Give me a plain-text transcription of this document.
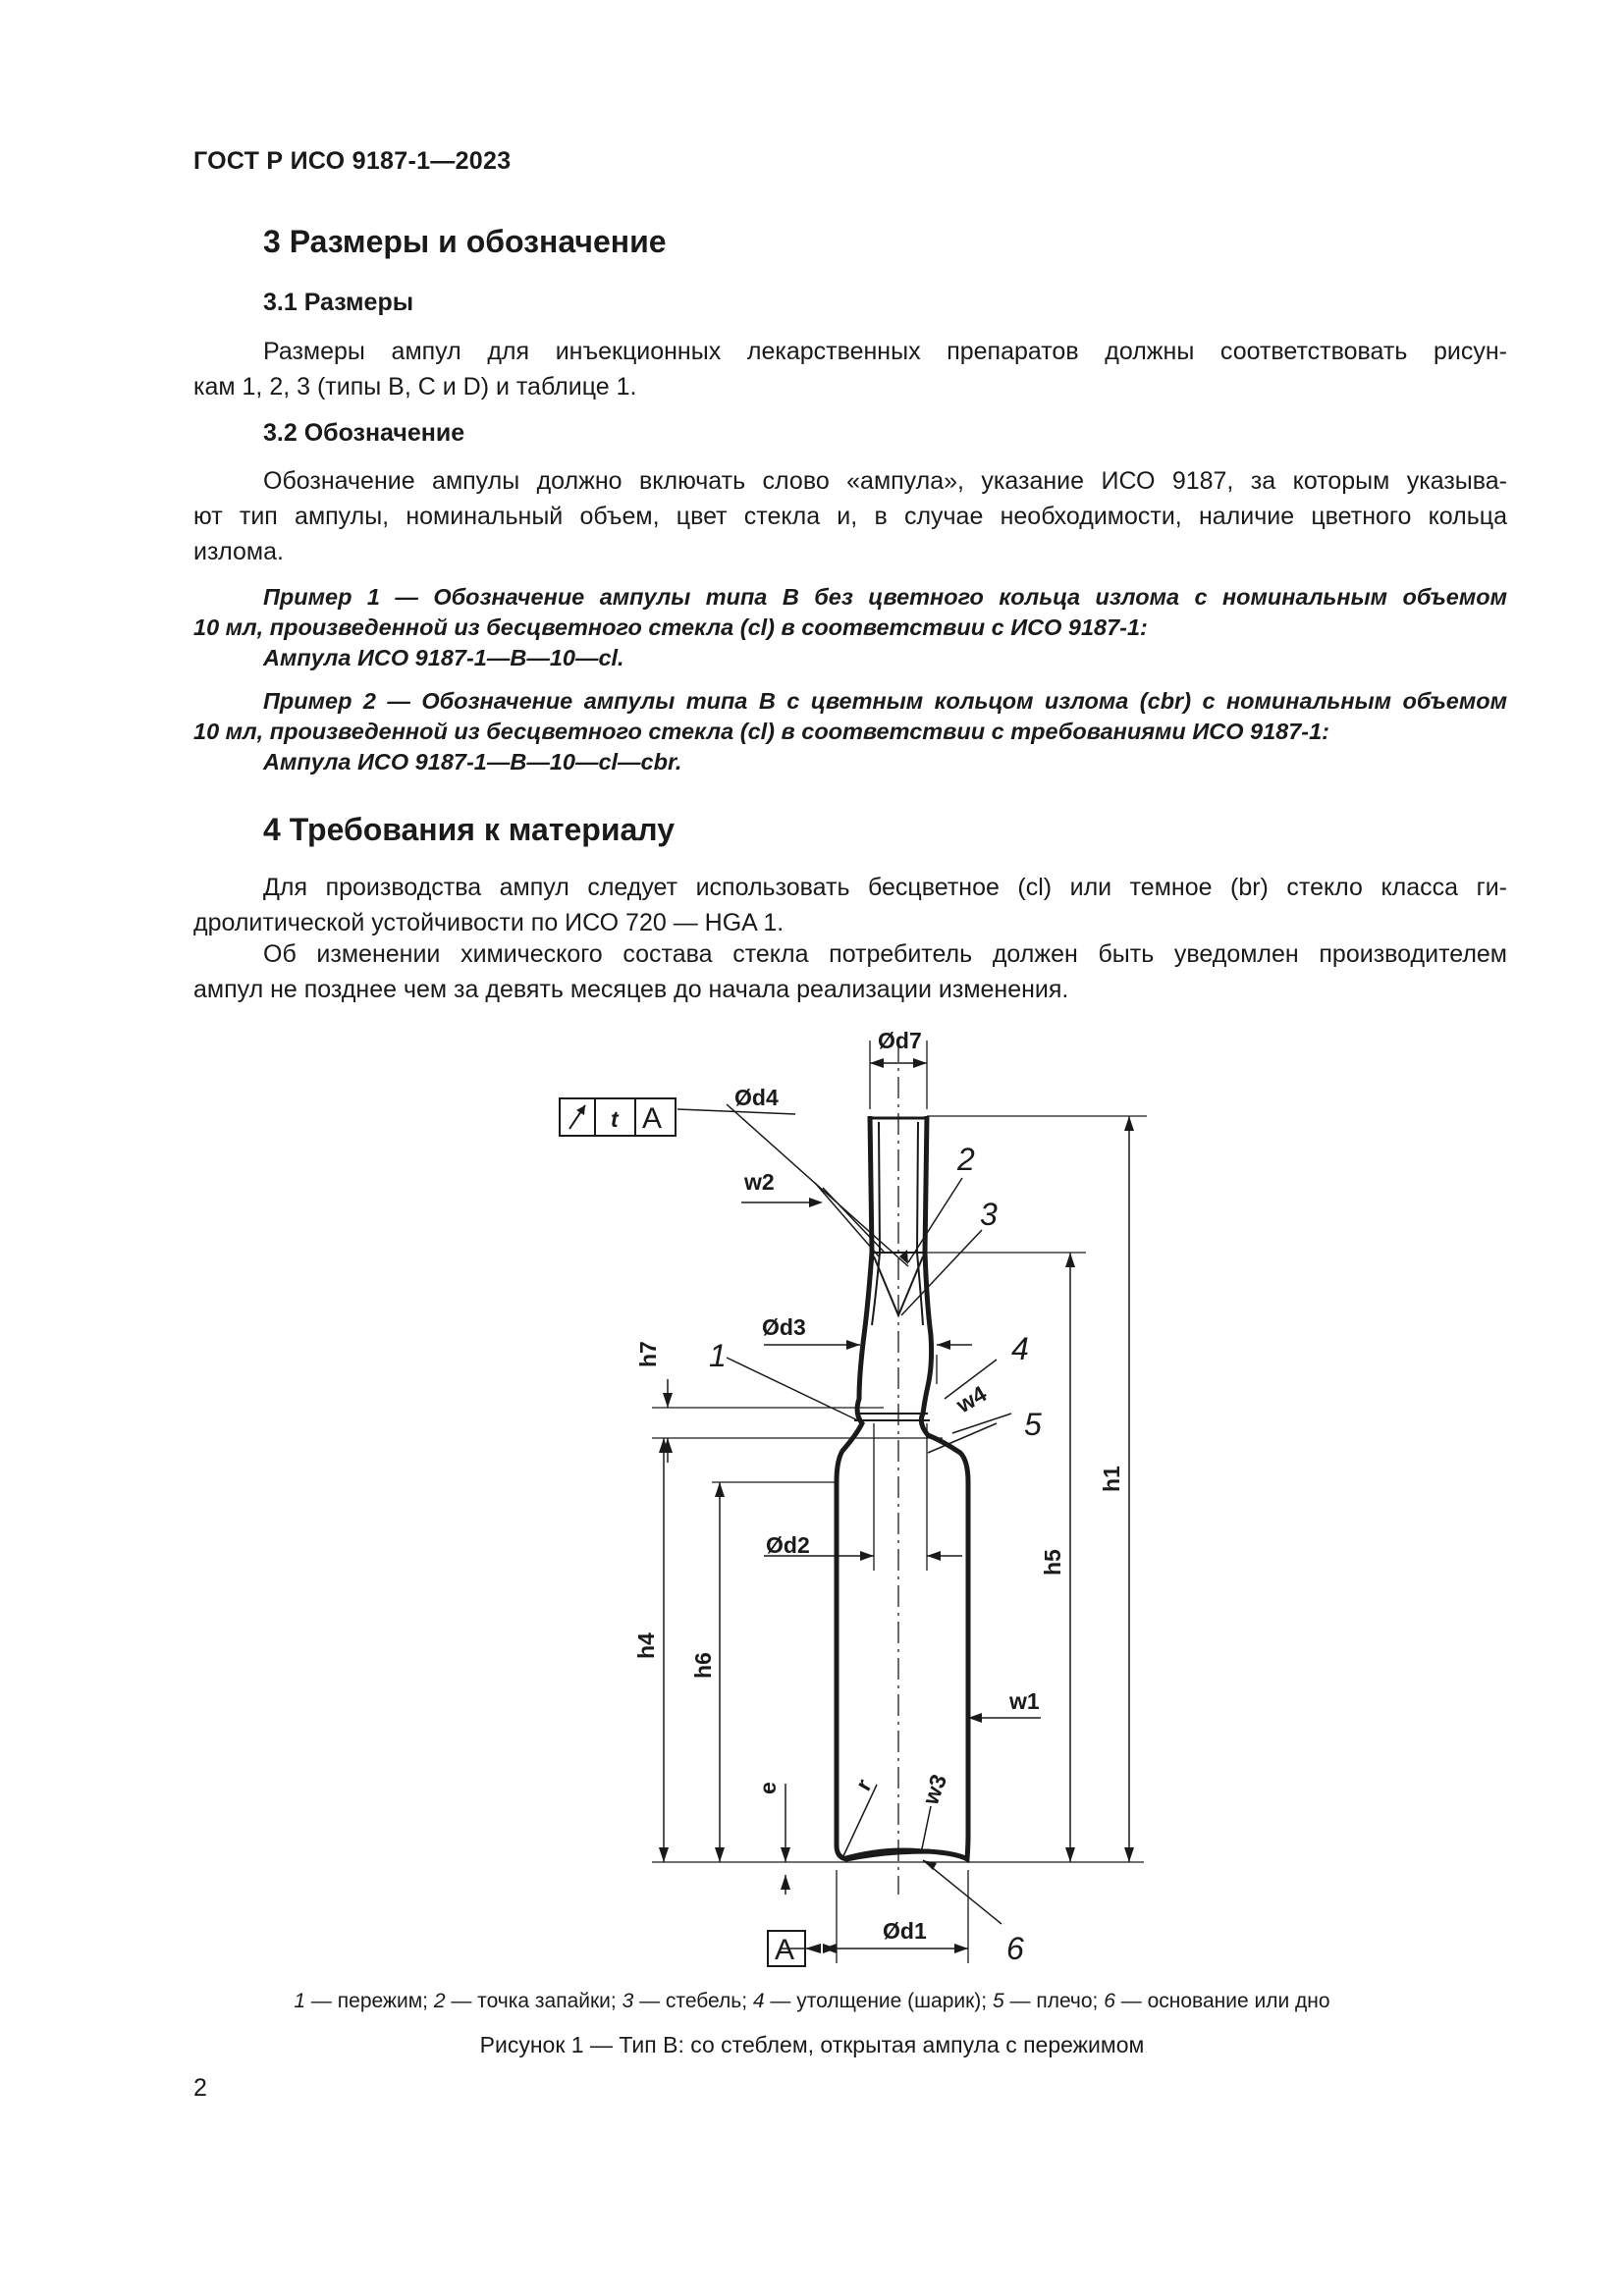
ГОСТ Р ИСО 9187-1—2023
3 Размеры и обозначение
3.1 Размеры
Размеры ампул для инъекционных лекарственных препаратов должны соответствовать рисун-
кам 1, 2, 3 (типы В, С и D) и таблице 1.
3.2 Обозначение
Обозначение ампулы должно включать слово «ампула», указание ИСО 9187, за которым указыва-
ют тип ампулы, номинальный объем, цвет стекла и, в случае необходимости, наличие цветного кольца
излома.
Пример 1 — Обозначение ампулы типа В без цветного кольца излома с номинальным объемом
10 мл, произведенной из бесцветного стекла (cl) в соответствии с ИСО 9187-1:
Ампула ИСО 9187-1—В—10—cl.
Пример 2 — Обозначение ампулы типа В с цветным кольцом излома (cbr) с номинальным объемом
10 мл, произведенной из бесцветного стекла (cl) в соответствии с требованиями ИСО 9187-1:
Ампула ИСО 9187-1—В—10—cl—cbr.
4 Требования к материалу
Для производства ампул следует использовать бесцветное (cl) или темное (br) стекло класса ги-
дролитической устойчивости по ИСО 720 — HGA 1.
Об изменении химического состава стекла потребитель должен быть уведомлен производителем
ампул не позднее чем за девять месяцев до начала реализации изменения.
Ød7
Ød4
Ød3
Ød2
Ød1
w1
w2
w3
w4
h1
h4
h5
h6
h7
e	r
t A
A
1
2
3
4
5
6
1 — пережим; 2 — точка запайки; 3 — стебель; 4 — утолщение (шарик); 5 — плечо; 6 — основание или дно
Рисунок 1 — Тип В: со стеблем, открытая ампула с пережимом
2
